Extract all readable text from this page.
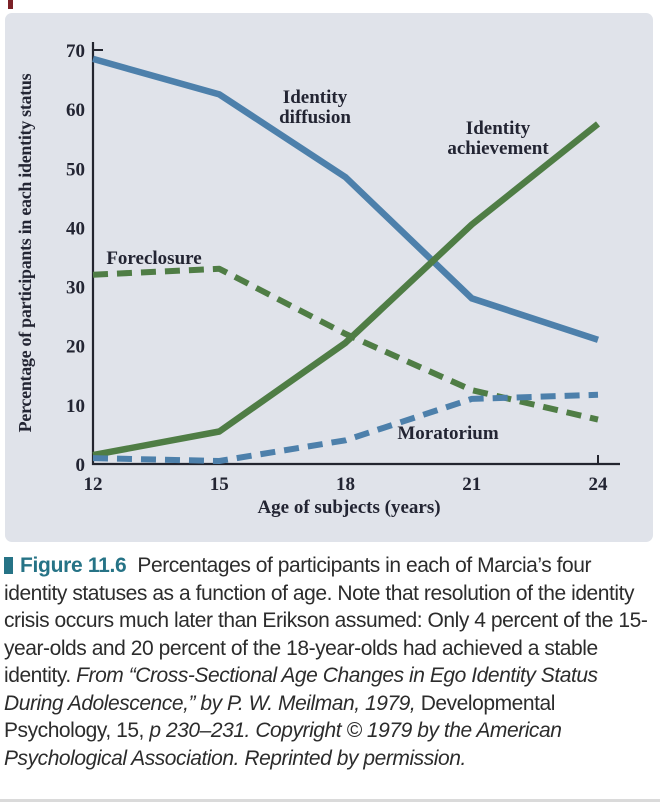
0
10
20
30
40
50
60
70
12	15	18	21	24
Age of subjects (years)
Percentage of participants in each identity status	Identity
diffusion
Identity
achievement
Foreclosure
Moratorium
Figure 11.6 Percentages of participants in each of Marcia’s four identity statuses as a function of age. Note that resolution of the identity crisis occurs much later than Erikson assumed: Only 4 percent of the 15-year-olds and 20 percent of the 18-year-olds had achieved a stable identity. From “Cross-Sectional Age Changes in Ego Identity Status During Adolescence,” by P. W. Meilman, 1979, Developmental Psychology, 15, p 230–231. Copyright © 1979 by the American Psychological Association. Reprinted by permission.
